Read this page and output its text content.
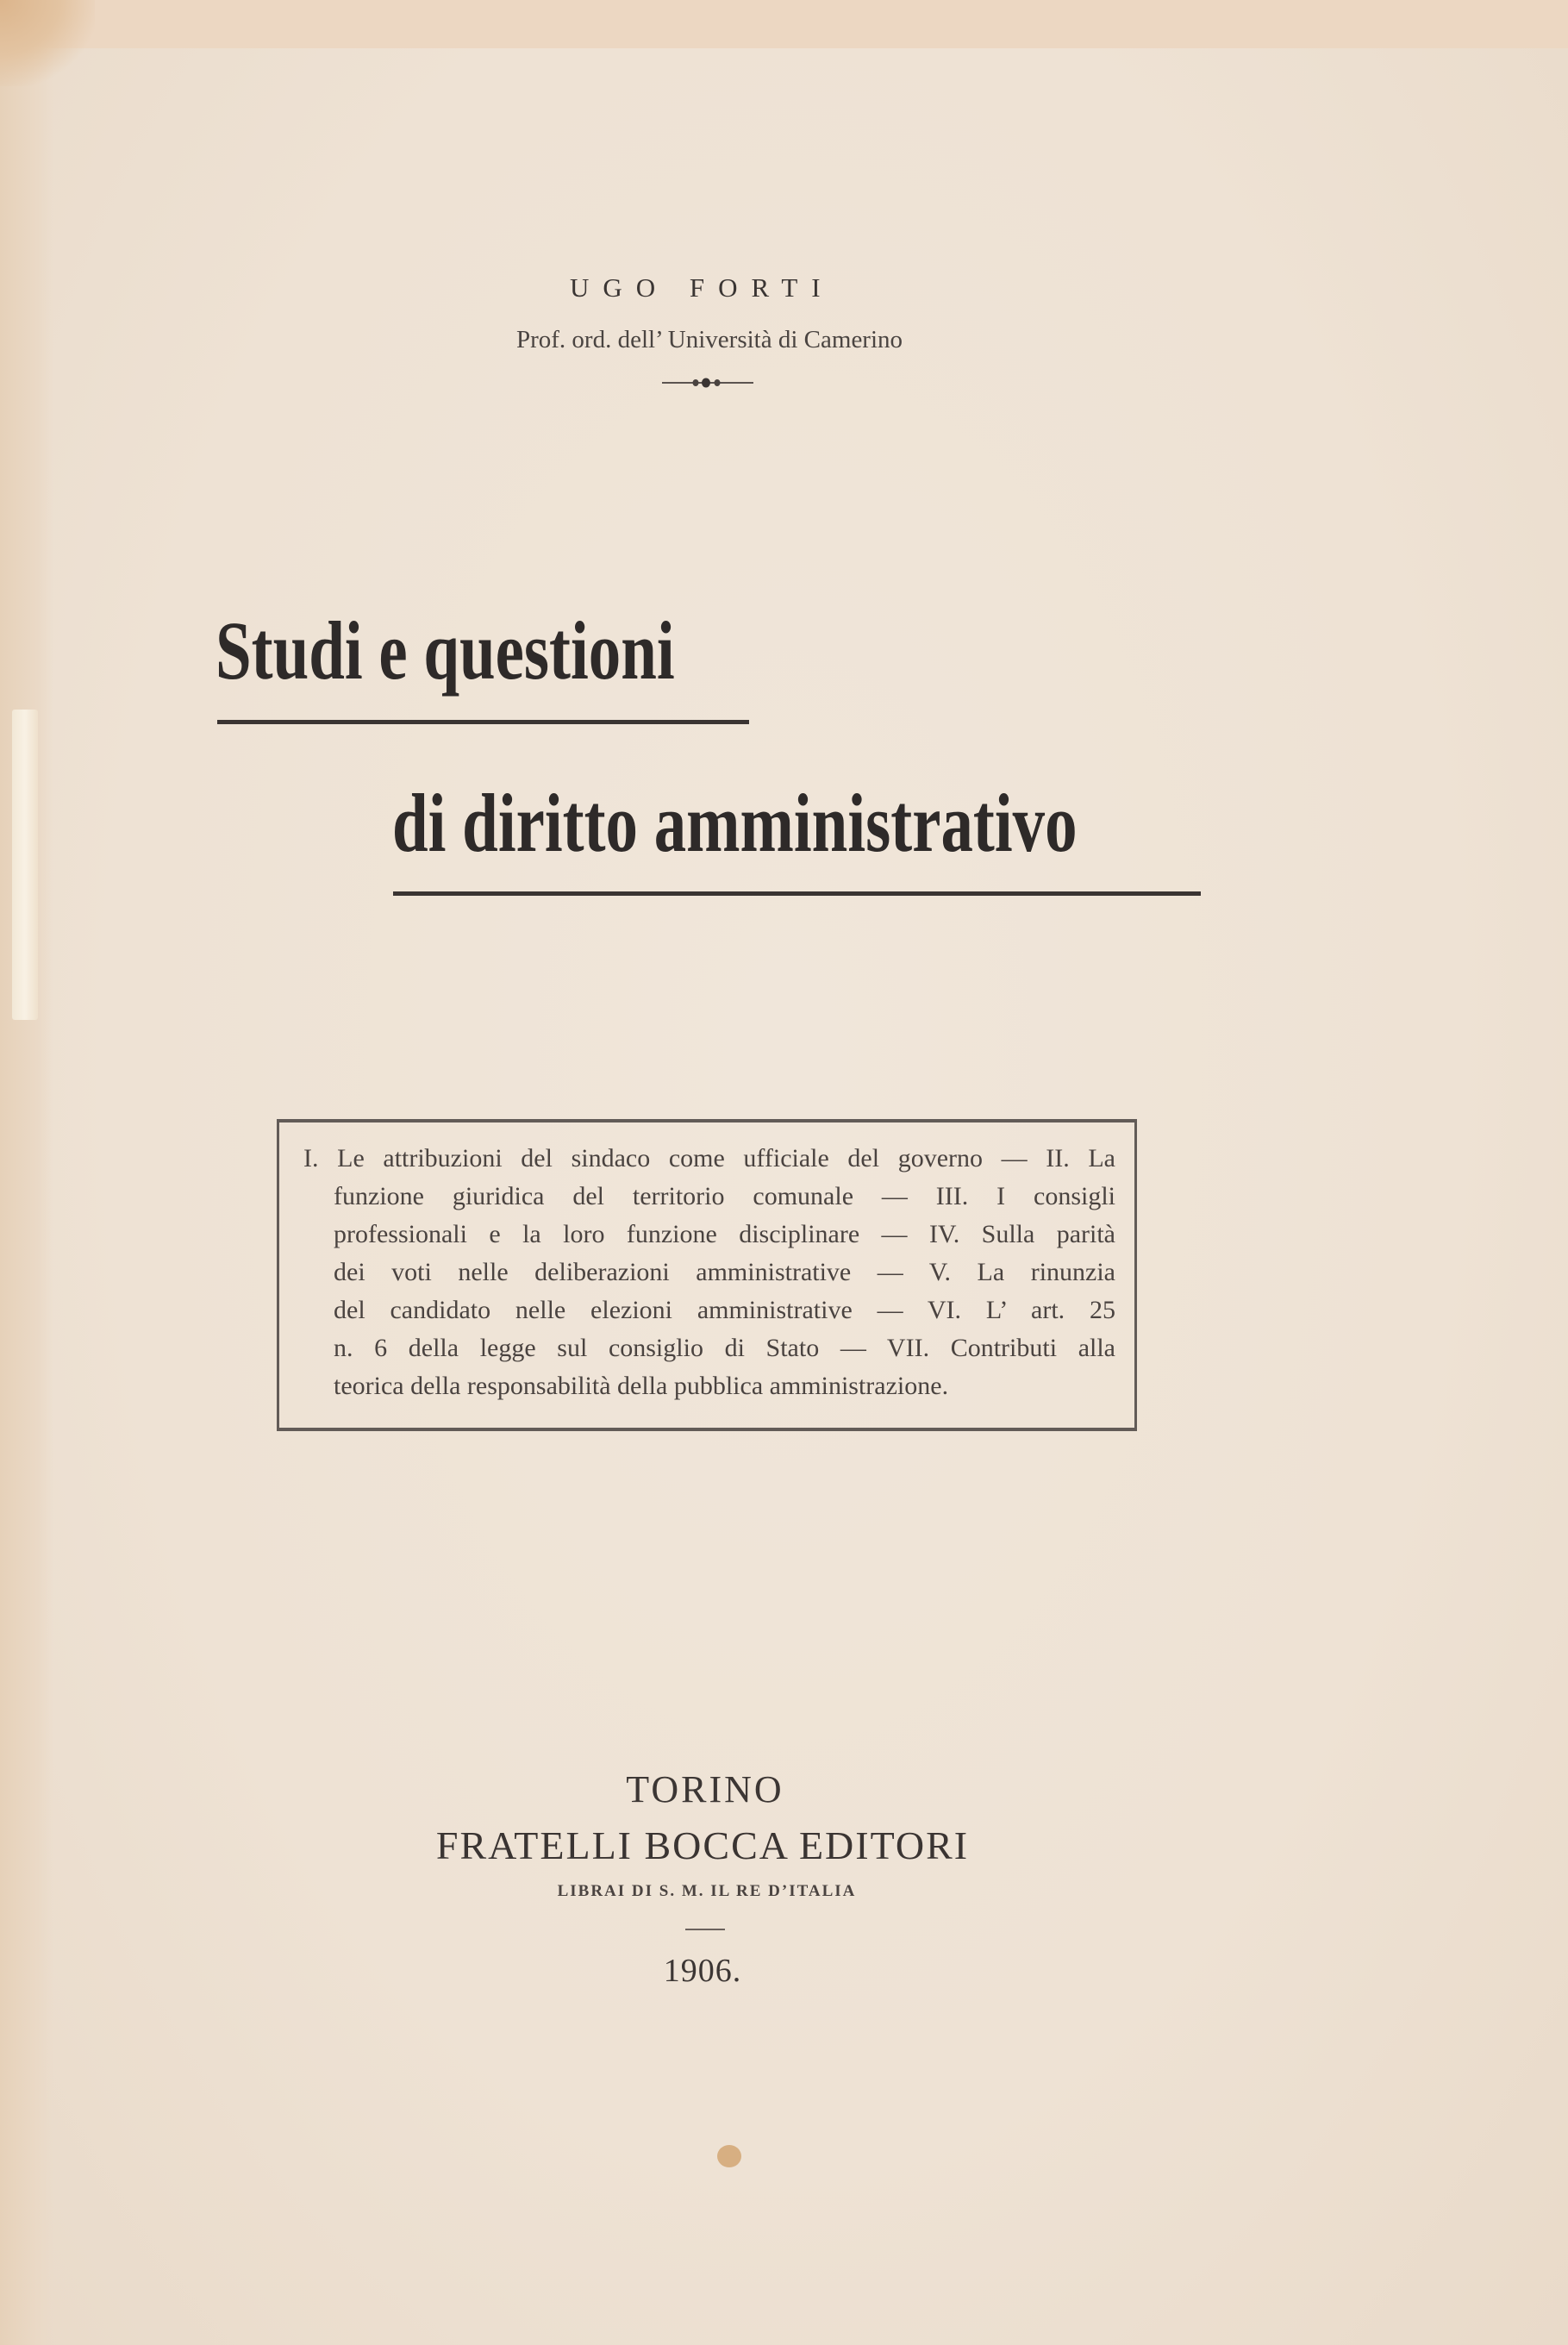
UGO FORTI
Prof. ord. dell’ Università di Camerino
Studi e questioni
di diritto amministrativo
I. Le attribuzioni del sindaco come ufficiale del governo — II. La
funzione giuridica del territorio comunale — III. I consigli
professionali e la loro funzione disciplinare — IV. Sulla parità
dei voti nelle deliberazioni amministrative — V. La rinunzia
del candidato nelle elezioni amministrative — VI. L’ art. 25
n. 6 della legge sul consiglio di Stato — VII. Contributi alla
teorica della responsabilità della pubblica amministrazione.
TORINO
FRATELLI BOCCA EDITORI
LIBRAI DI S. M. IL RE D’ITALIA
1906.
